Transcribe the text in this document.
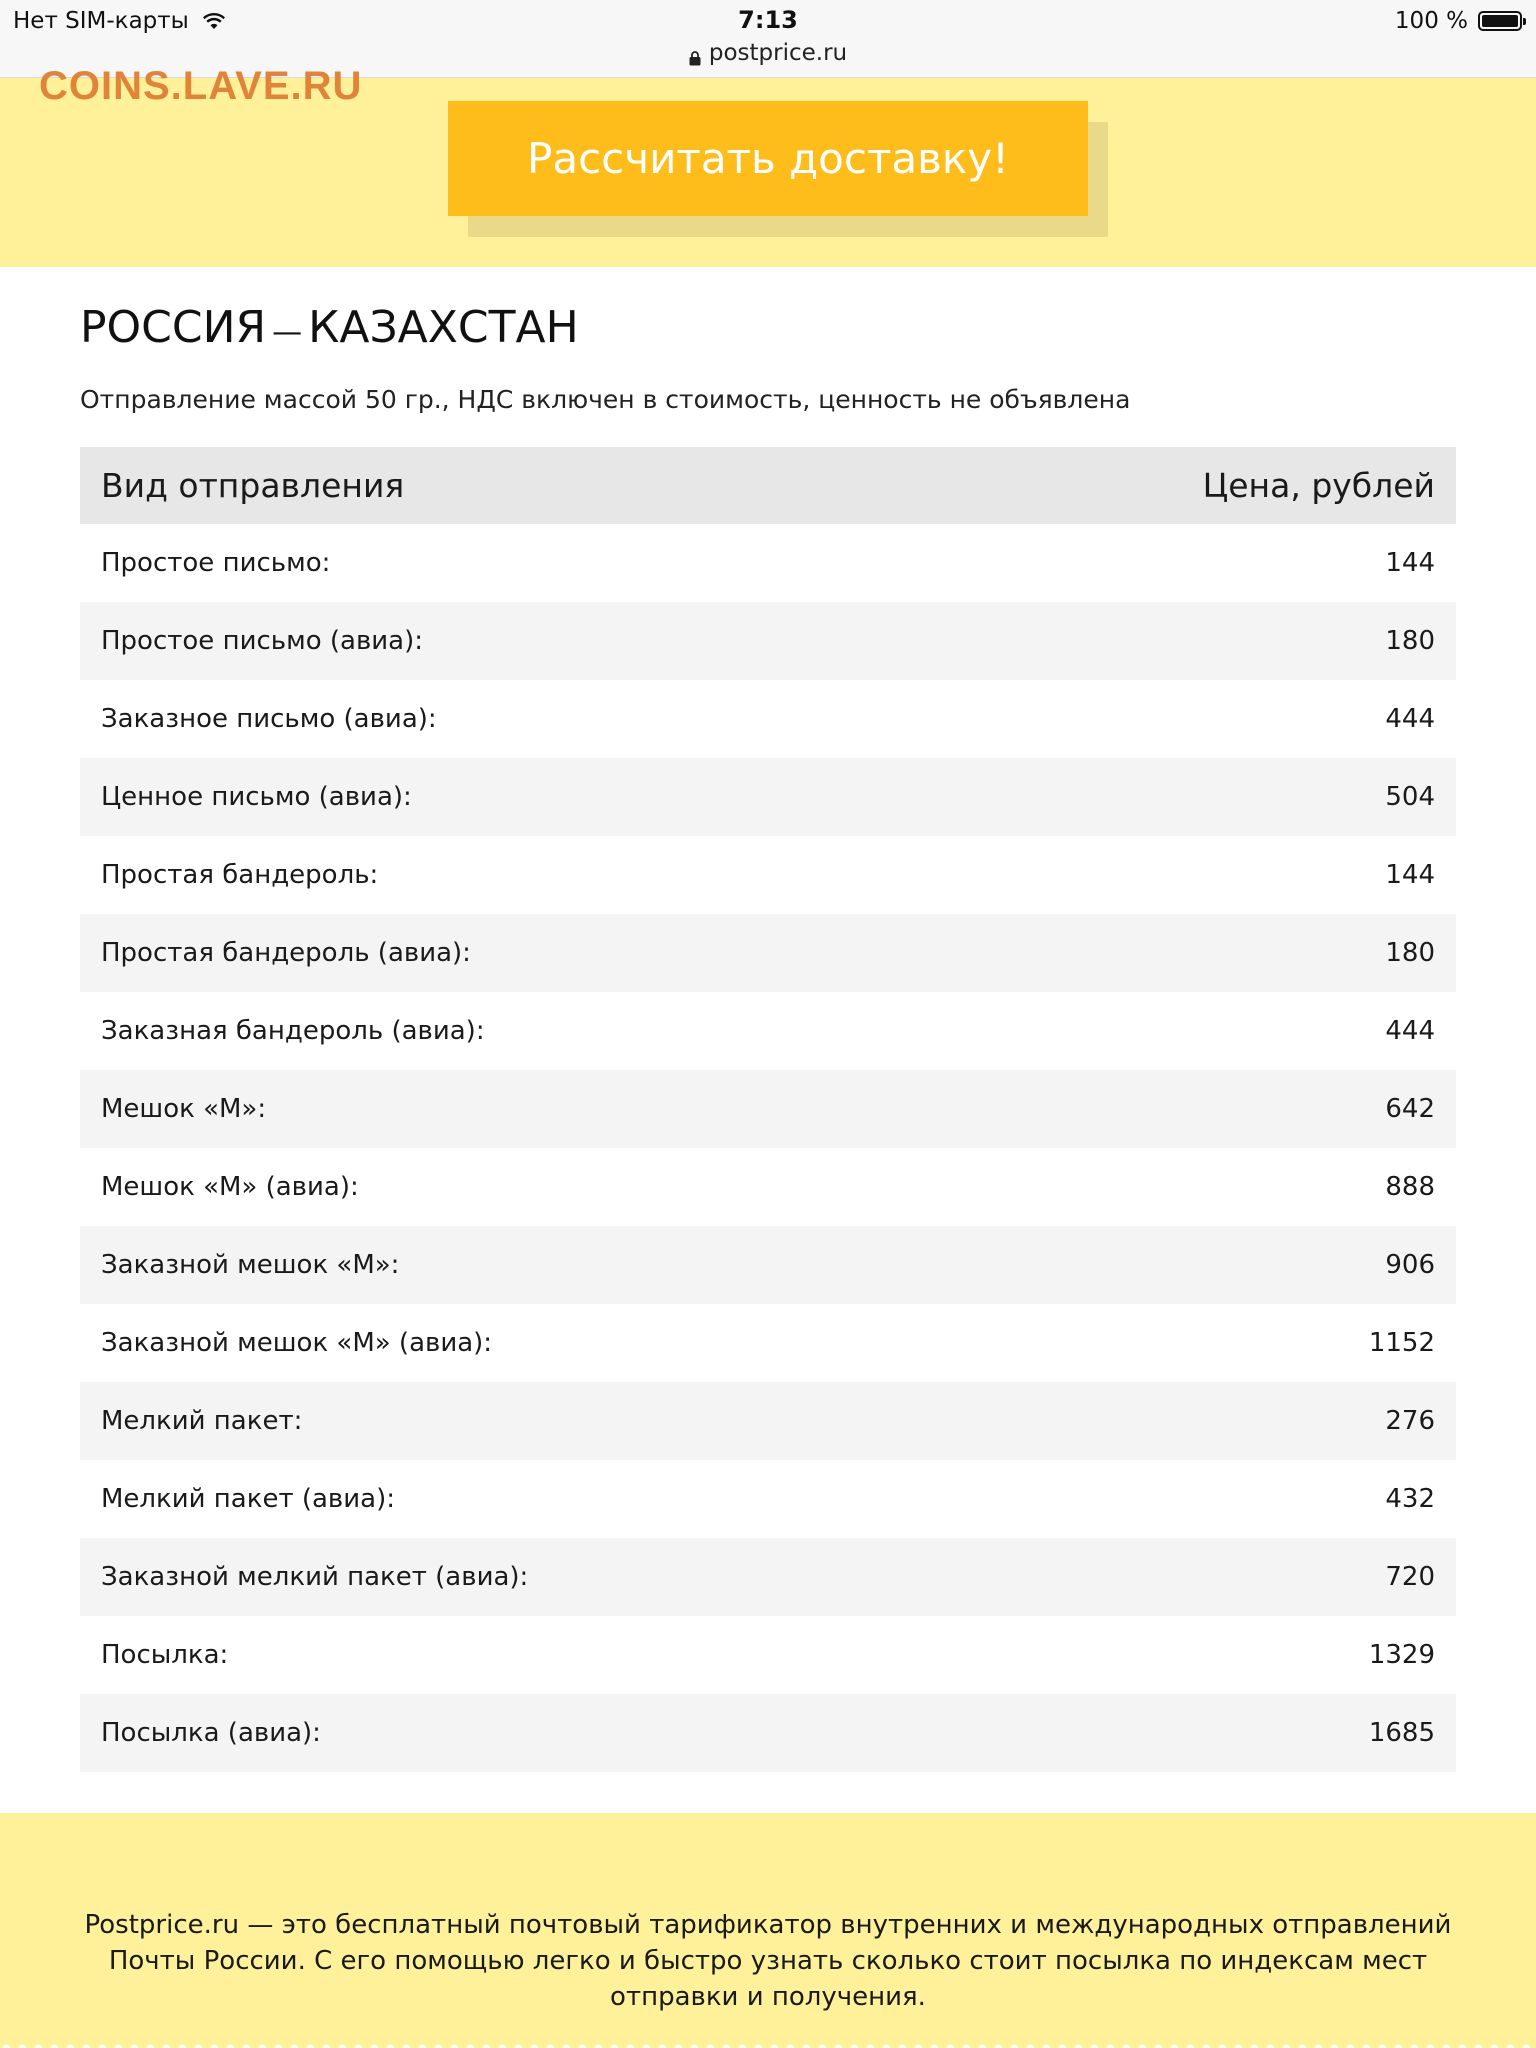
Нет SIM-карты	7:13	100 %
postprice.ru
COINS.LAVE.RU
Рассчитать доставку!
РОССИЯ — КАЗАХСТАН
Отправление массой 50 гр., НДС включен в стоимость, ценность не объявлена
Вид отправления	Цена, рублей
Простое письмо:	144
Простое письмо (авиа):	180
Заказное письмо (авиа):	444
Ценное письмо (авиа):	504
Простая бандероль:	144
Простая бандероль (авиа):	180
Заказная бандероль (авиа):	444
Мешок «М»:	642
Мешок «М» (авиа):	888
Заказной мешок «М»:	906
Заказной мешок «М» (авиа):	1152
Мелкий пакет:	276
Мелкий пакет (авиа):	432
Заказной мелкий пакет (авиа):	720
Посылка:	1329
Посылка (авиа):	1685
Postprice.ru — это бесплатный почтовый тарификатор внутренних и международных отправлений Почты России. С его помощью легко и быстро узнать сколько стоит посылка по индексам мест отправки и получения.
